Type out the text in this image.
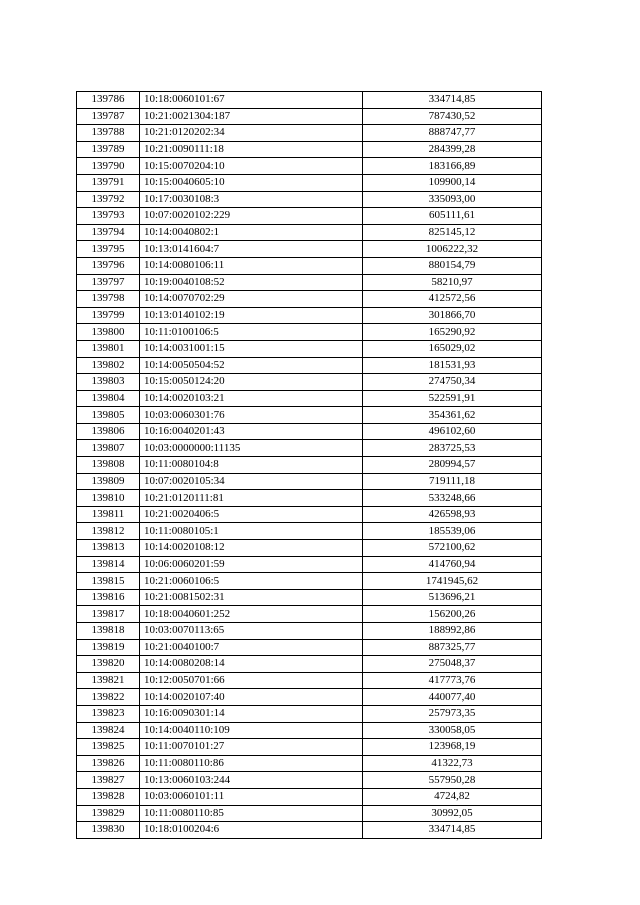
139786	10:18:0060101:67	334714,85
139787	10:21:0021304:187	787430,52
139788	10:21:0120202:34	888747,77
139789	10:21:0090111:18	284399,28
139790	10:15:0070204:10	183166,89
139791	10:15:0040605:10	109900,14
139792	10:17:0030108:3	335093,00
139793	10:07:0020102:229	605111,61
139794	10:14:0040802:1	825145,12
139795	10:13:0141604:7	1006222,32
139796	10:14:0080106:11	880154,79
139797	10:19:0040108:52	58210,97
139798	10:14:0070702:29	412572,56
139799	10:13:0140102:19	301866,70
139800	10:11:0100106:5	165290,92
139801	10:14:0031001:15	165029,02
139802	10:14:0050504:52	181531,93
139803	10:15:0050124:20	274750,34
139804	10:14:0020103:21	522591,91
139805	10:03:0060301:76	354361,62
139806	10:16:0040201:43	496102,60
139807	10:03:0000000:11135	283725,53
139808	10:11:0080104:8	280994,57
139809	10:07:0020105:34	719111,18
139810	10:21:0120111:81	533248,66
139811	10:21:0020406:5	426598,93
139812	10:11:0080105:1	185539,06
139813	10:14:0020108:12	572100,62
139814	10:06:0060201:59	414760,94
139815	10:21:0060106:5	1741945,62
139816	10:21:0081502:31	513696,21
139817	10:18:0040601:252	156200,26
139818	10:03:0070113:65	188992,86
139819	10:21:0040100:7	887325,77
139820	10:14:0080208:14	275048,37
139821	10:12:0050701:66	417773,76
139822	10:14:0020107:40	440077,40
139823	10:16:0090301:14	257973,35
139824	10:14:0040110:109	330058,05
139825	10:11:0070101:27	123968,19
139826	10:11:0080110:86	41322,73
139827	10:13:0060103:244	557950,28
139828	10:03:0060101:11	4724,82
139829	10:11:0080110:85	30992,05
139830	10:18:0100204:6	334714,85
